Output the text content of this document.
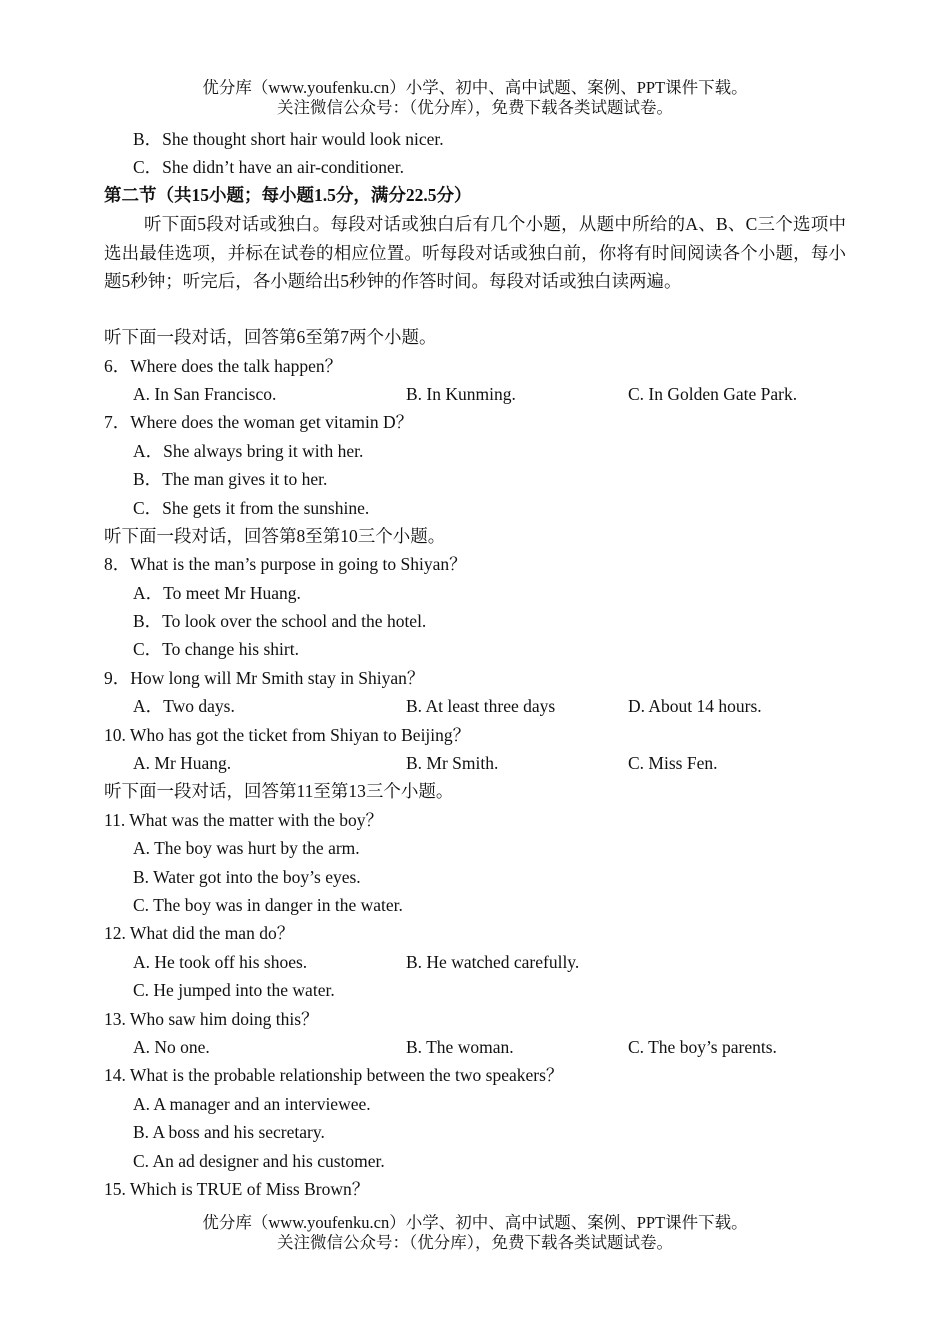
优分库（www.youfenku.cn）小学、初中、高中试题、案例、PPT课件下载。
关注微信公众号：（优分库），免费下载各类试题试卷。
B．She thought short hair would look nicer.
C．She didn’t have an air-conditioner.
第二节（共15小题；每小题1.5分，满分22.5分）
听下面5段对话或独白。每段对话或独白后有几个小题，从题中所给的A、B、C三个选项中选出最佳选项，并标在试卷的相应位置。听每段对话或独白前，你将有时间阅读各个小题，每小题5秒钟；听完后，各小题给出5秒钟的作答时间。每段对话或独白读两遍。
听下面一段对话，回答第6至第7两个小题。
6．Where does the talk happen？
A. In San Francisco.	B. In Kunming.	C. In Golden Gate Park.
7．Where does the woman get vitamin D？
A．She always bring it with her.
B．The man gives it to her.
C．She gets it from the sunshine.
听下面一段对话，回答第8至第10三个小题。
8．What is the man’s purpose in going to Shiyan？
A．To meet Mr Huang.
B．To look over the school and the hotel.
C．To change his shirt.
9．How long will Mr Smith stay in Shiyan？
A．Two days.	B. At least three days	D. About 14 hours.
10. Who has got the ticket from Shiyan to Beijing？
A. Mr Huang.	B. Mr Smith.	C. Miss Fen.
听下面一段对话，回答第11至第13三个小题。
11. What was the matter with the boy？
A. The boy was hurt by the arm.
B. Water got into the boy’s eyes.
C. The boy was in danger in the water.
12. What did the man do？
A. He took off his shoes.	B. He watched carefully.
C. He jumped into the water.
13. Who saw him doing this？
A. No one.	B. The woman.	C. The boy’s parents.
14. What is the probable relationship between the two speakers？
A. A manager and an interviewee.
B. A boss and his secretary.
C. An ad designer and his customer.
15. Which is TRUE of Miss Brown？
优分库（www.youfenku.cn）小学、初中、高中试题、案例、PPT课件下载。
关注微信公众号：（优分库），免费下载各类试题试卷。
